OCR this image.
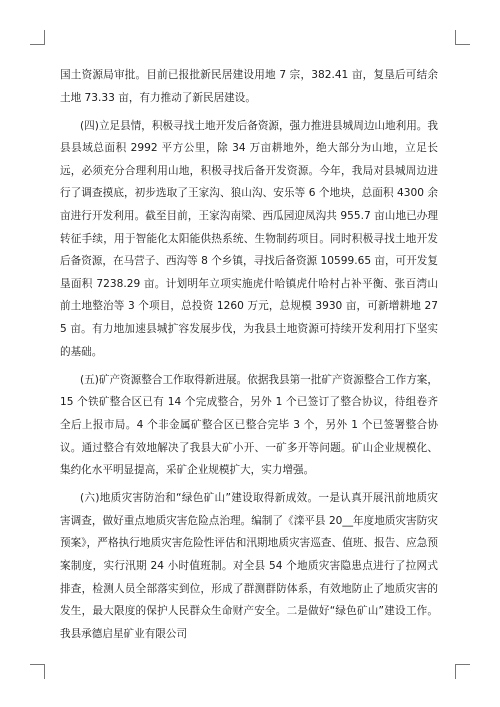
国土资源局审批。目前已报批新民居建设用地 7 宗，382.41 亩，复垦后可结余土地 73.33 亩，有力推动了新民居建设。

(四)立足县情，积极寻找土地开发后备资源，强力推进县城周边山地利用。我县县域总面积 2992 平方公里，除 34 万亩耕地外，绝大部分为山地，立足长远，必须充分合理利用山地，积极寻找后备开发资源。今年，我局对县城周边进行了调查摸底，初步选取了王家沟、狼山沟、安乐等 6 个地块，总面积 4300 余亩进行开发利用。截至目前，王家沟南梁、西瓜园迎凤沟共 955.7 亩山地已办理转征手续，用于智能化太阳能供热系统、生物制药项目。同时积极寻找土地开发后备资源，在马营子、西沟等 8 个乡镇，寻找后备资源 10599.65 亩，可开发复垦面积 7238.29 亩。计划明年立项实施虎什哈镇虎什哈村占补平衡、张百湾山前土地整治等 3 个项目，总投资 1260 万元，总规模 3930 亩，可新增耕地 275 亩。有力地加速县城扩容发展步伐，为我县土地资源可持续开发利用打下坚实的基础。

(五)矿产资源整合工作取得新进展。依据我县第一批矿产资源整合工作方案，15 个铁矿整合区已有 14 个完成整合，另外 1 个已签订了整合协议，待组卷齐全后上报市局。4 个非金属矿整合区已整合完毕 3 个，另外 1 个已签署整合协议。通过整合有效地解决了我县大矿小开、一矿多开等问题。矿山企业规模化、集约化水平明显提高，采矿企业规模扩大，实力增强。

(六)地质灾害防治和“绿色矿山”建设取得新成效。一是认真开展汛前地质灾害调查，做好重点地质灾害危险点治理。编制了《滦平县 20__年度地质灾害防灾预案》，严格执行地质灾害危险性评估和汛期地质灾害巡查、值班、报告、应急预案制度，实行汛期 24 小时值班制。对全县 54 个地质灾害隐患点进行了拉网式排查，检测人员全部落实到位，形成了群测群防体系，有效地防止了地质灾害的发生，最大限度的保护人民群众生命财产安全。二是做好“绿色矿山”建设工作。我县承德启星矿业有限公司
